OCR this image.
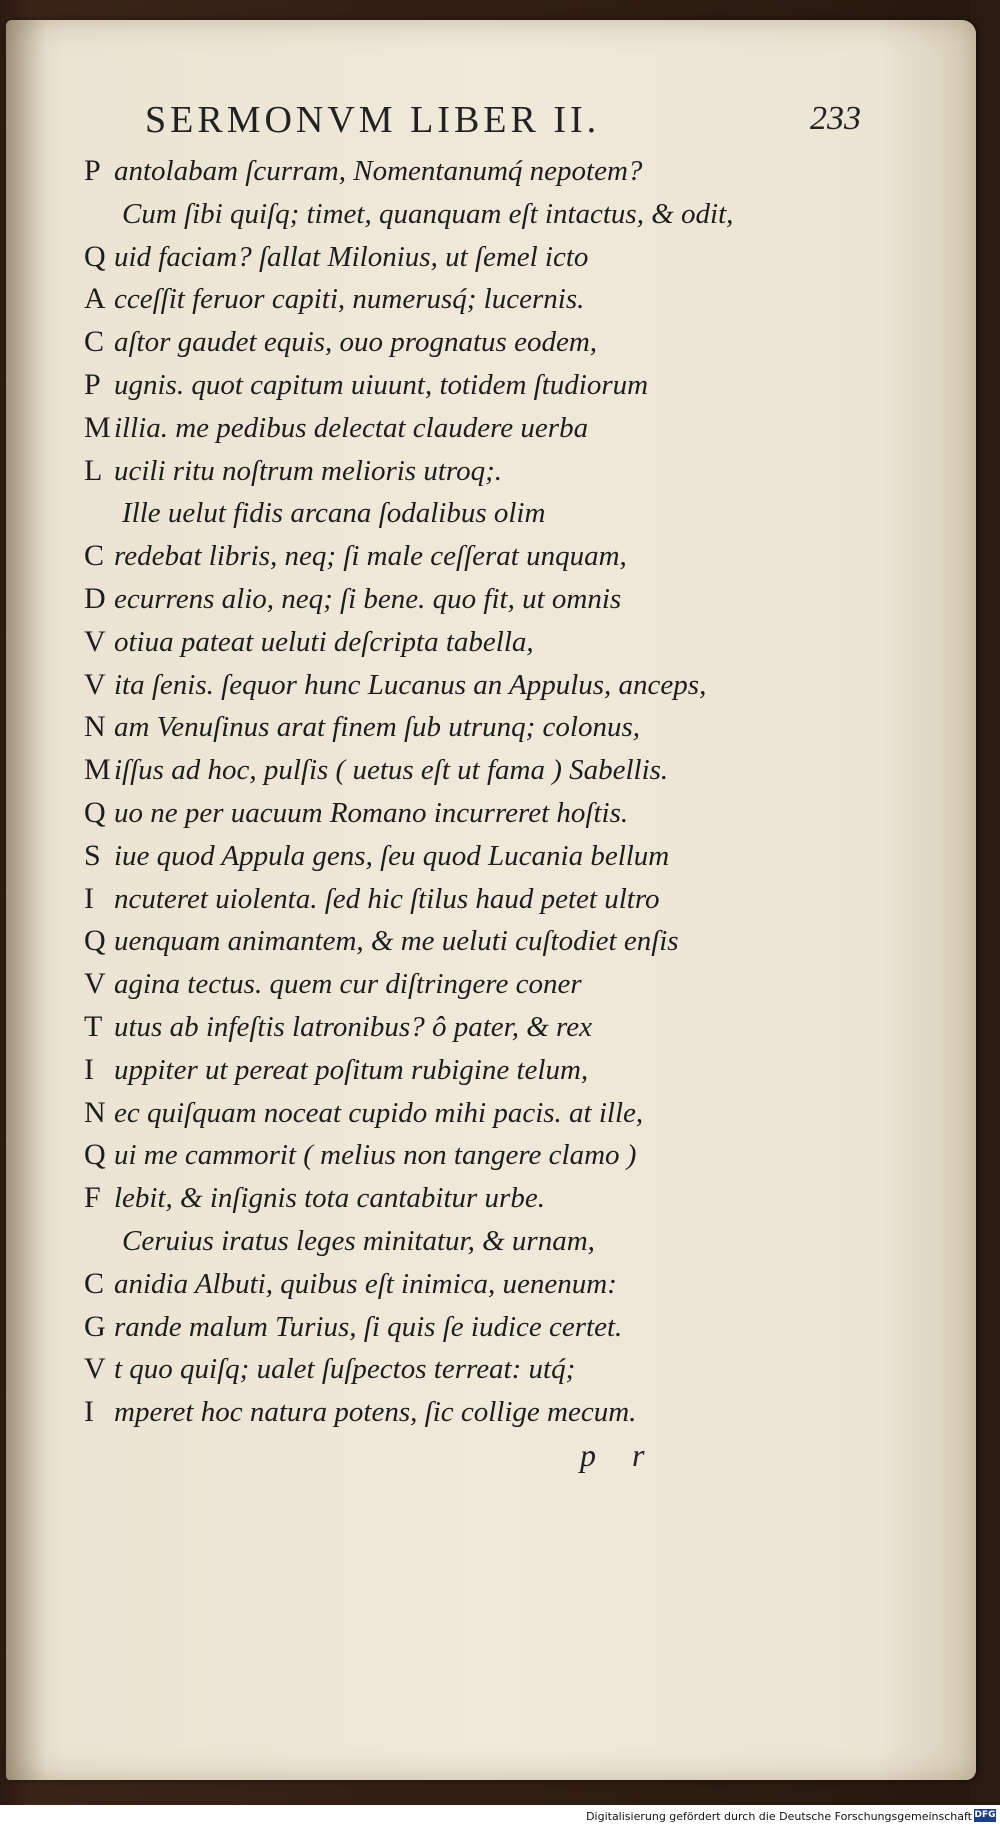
SERMONVM LIBER II.	233
P antolabam ſcurram, Nomentanumq́ nepotem?
Cum ſibi quiſq; timet, quanquam eſt intactus, & odit,
Q uid faciam? ſallat Milonius, ut ſemel icto
A cceſſit feruor capiti, numerusq́; lucernis.
C aſtor gaudet equis, ouo prognatus eodem,
P ugnis. quot capitum uiuunt, totidem ſtudiorum
M illia. me pedibus delectat claudere uerba
L ucili ritu noſtrum melioris utroq;.
Ille uelut fidis arcana ſodalibus olim
C redebat libris, neq; ſi male ceſſerat unquam,
D ecurrens alio, neq; ſi bene. quo fit, ut omnis
V otiua pateat ueluti deſcripta tabella,
V ita ſenis. ſequor hunc Lucanus an Appulus, anceps,
N am Venuſinus arat finem ſub utrunq; colonus,
M iſſus ad hoc, pulſis ( uetus eſt ut fama ) Sabellis.
Q uo ne per uacuum Romano incurreret hoſtis.
S iue quod Appula gens, ſeu quod Lucania bellum
I ncuteret uiolenta. ſed hic ſtilus haud petet ultro
Q uenquam animantem, & me ueluti cuſtodiet enſis
V agina tectus. quem cur diſtringere coner
T utus ab infeſtis latronibus? ô pater, & rex
I uppiter ut pereat poſitum rubigine telum,
N ec quiſquam noceat cupido mihi pacis. at ille,
Q ui me cammorit ( melius non tangere clamo )
F lebit, & inſignis tota cantabitur urbe.
Ceruius iratus leges minitatur, & urnam,
C anidia Albuti, quibus eſt inimica, uenenum:
G rande malum Turius, ſi quis ſe iudice certet.
V t quo quiſq; ualet ſuſpectos terreat: utq́;
I mperet hoc natura potens, ſic collige mecum.
p r
Digitalisierung gefördert durch die Deutsche Forschungsgemeinschaft DFG
